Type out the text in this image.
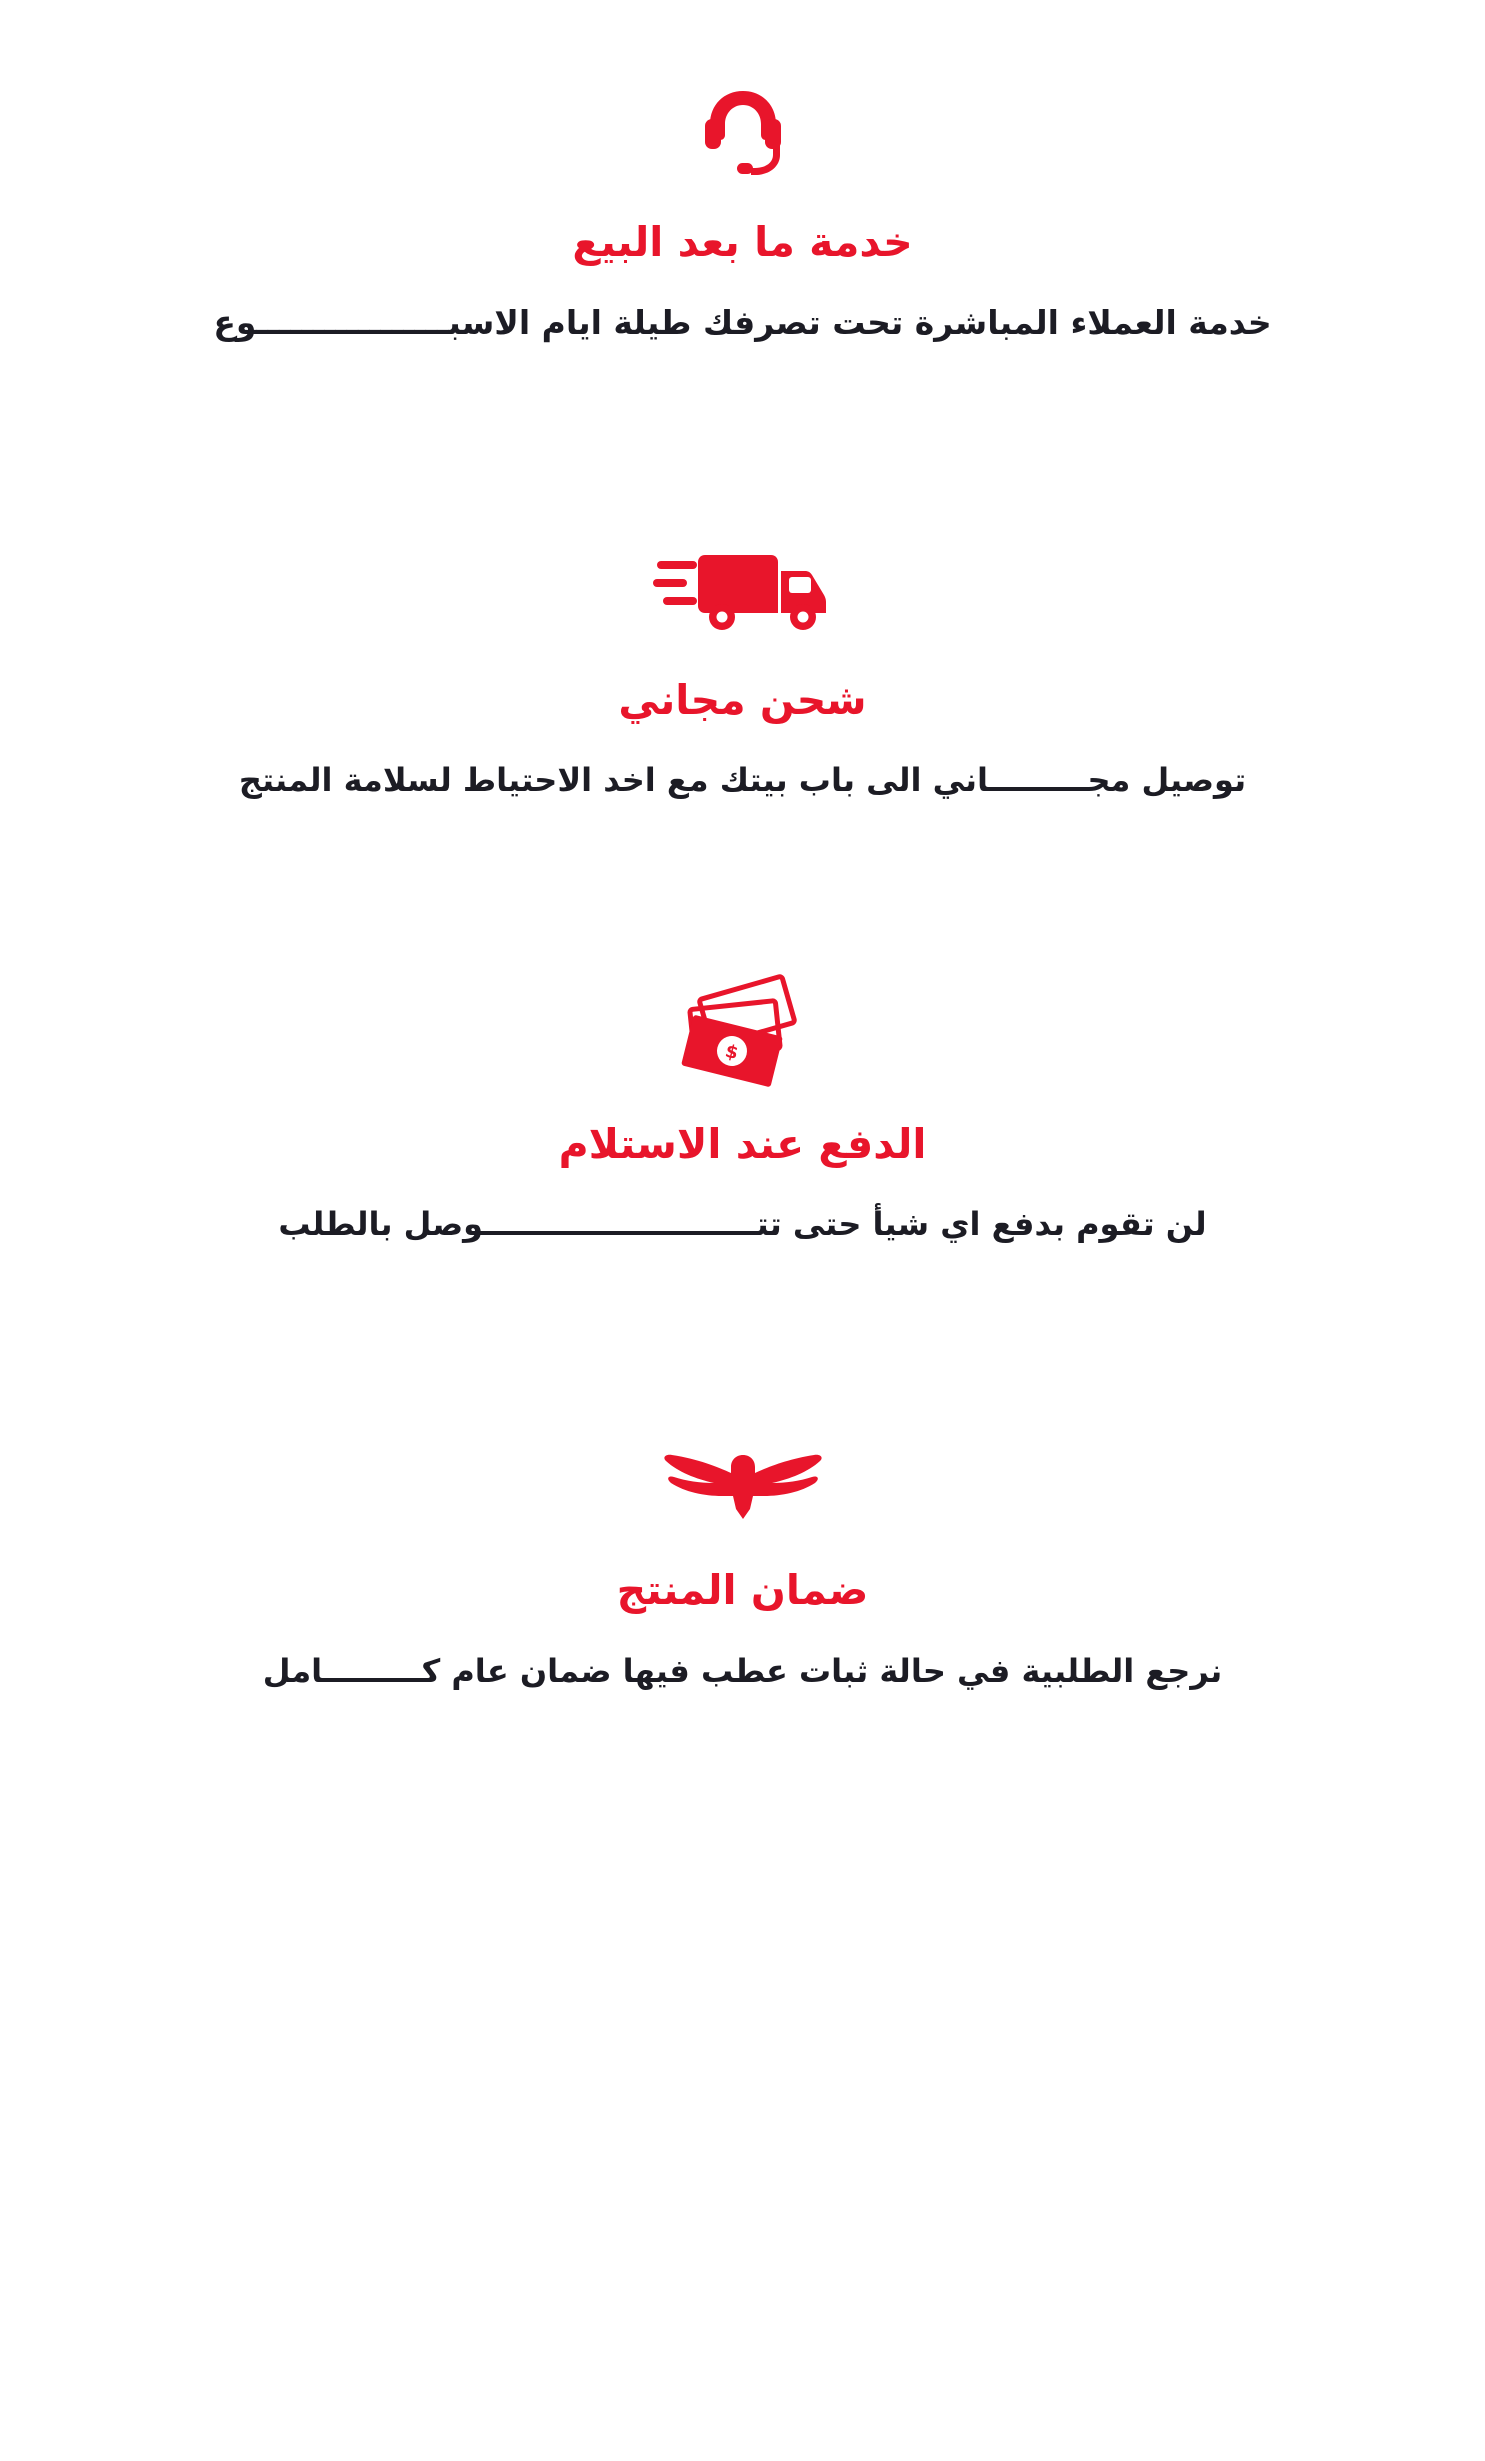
خدمة ما بعد البيع
خدمة العملاء المباشرة تحت تصرفك طيلة ايام الاسبـــــــــــــــــوع
شحن مجاني
توصيل مجـــــــــاني الى باب بيتك مع اخد الاحتياط لسلامة المنتج
$
الدفع عند الاستلام
لن تقوم بدفع اي شيأ حتى تتـــــــــــــــــــــــــوصل بالطلب
ضمان المنتج
نرجع الطلبية في حالة ثبات عطب فيها ضمان عام كـــــــــامل
